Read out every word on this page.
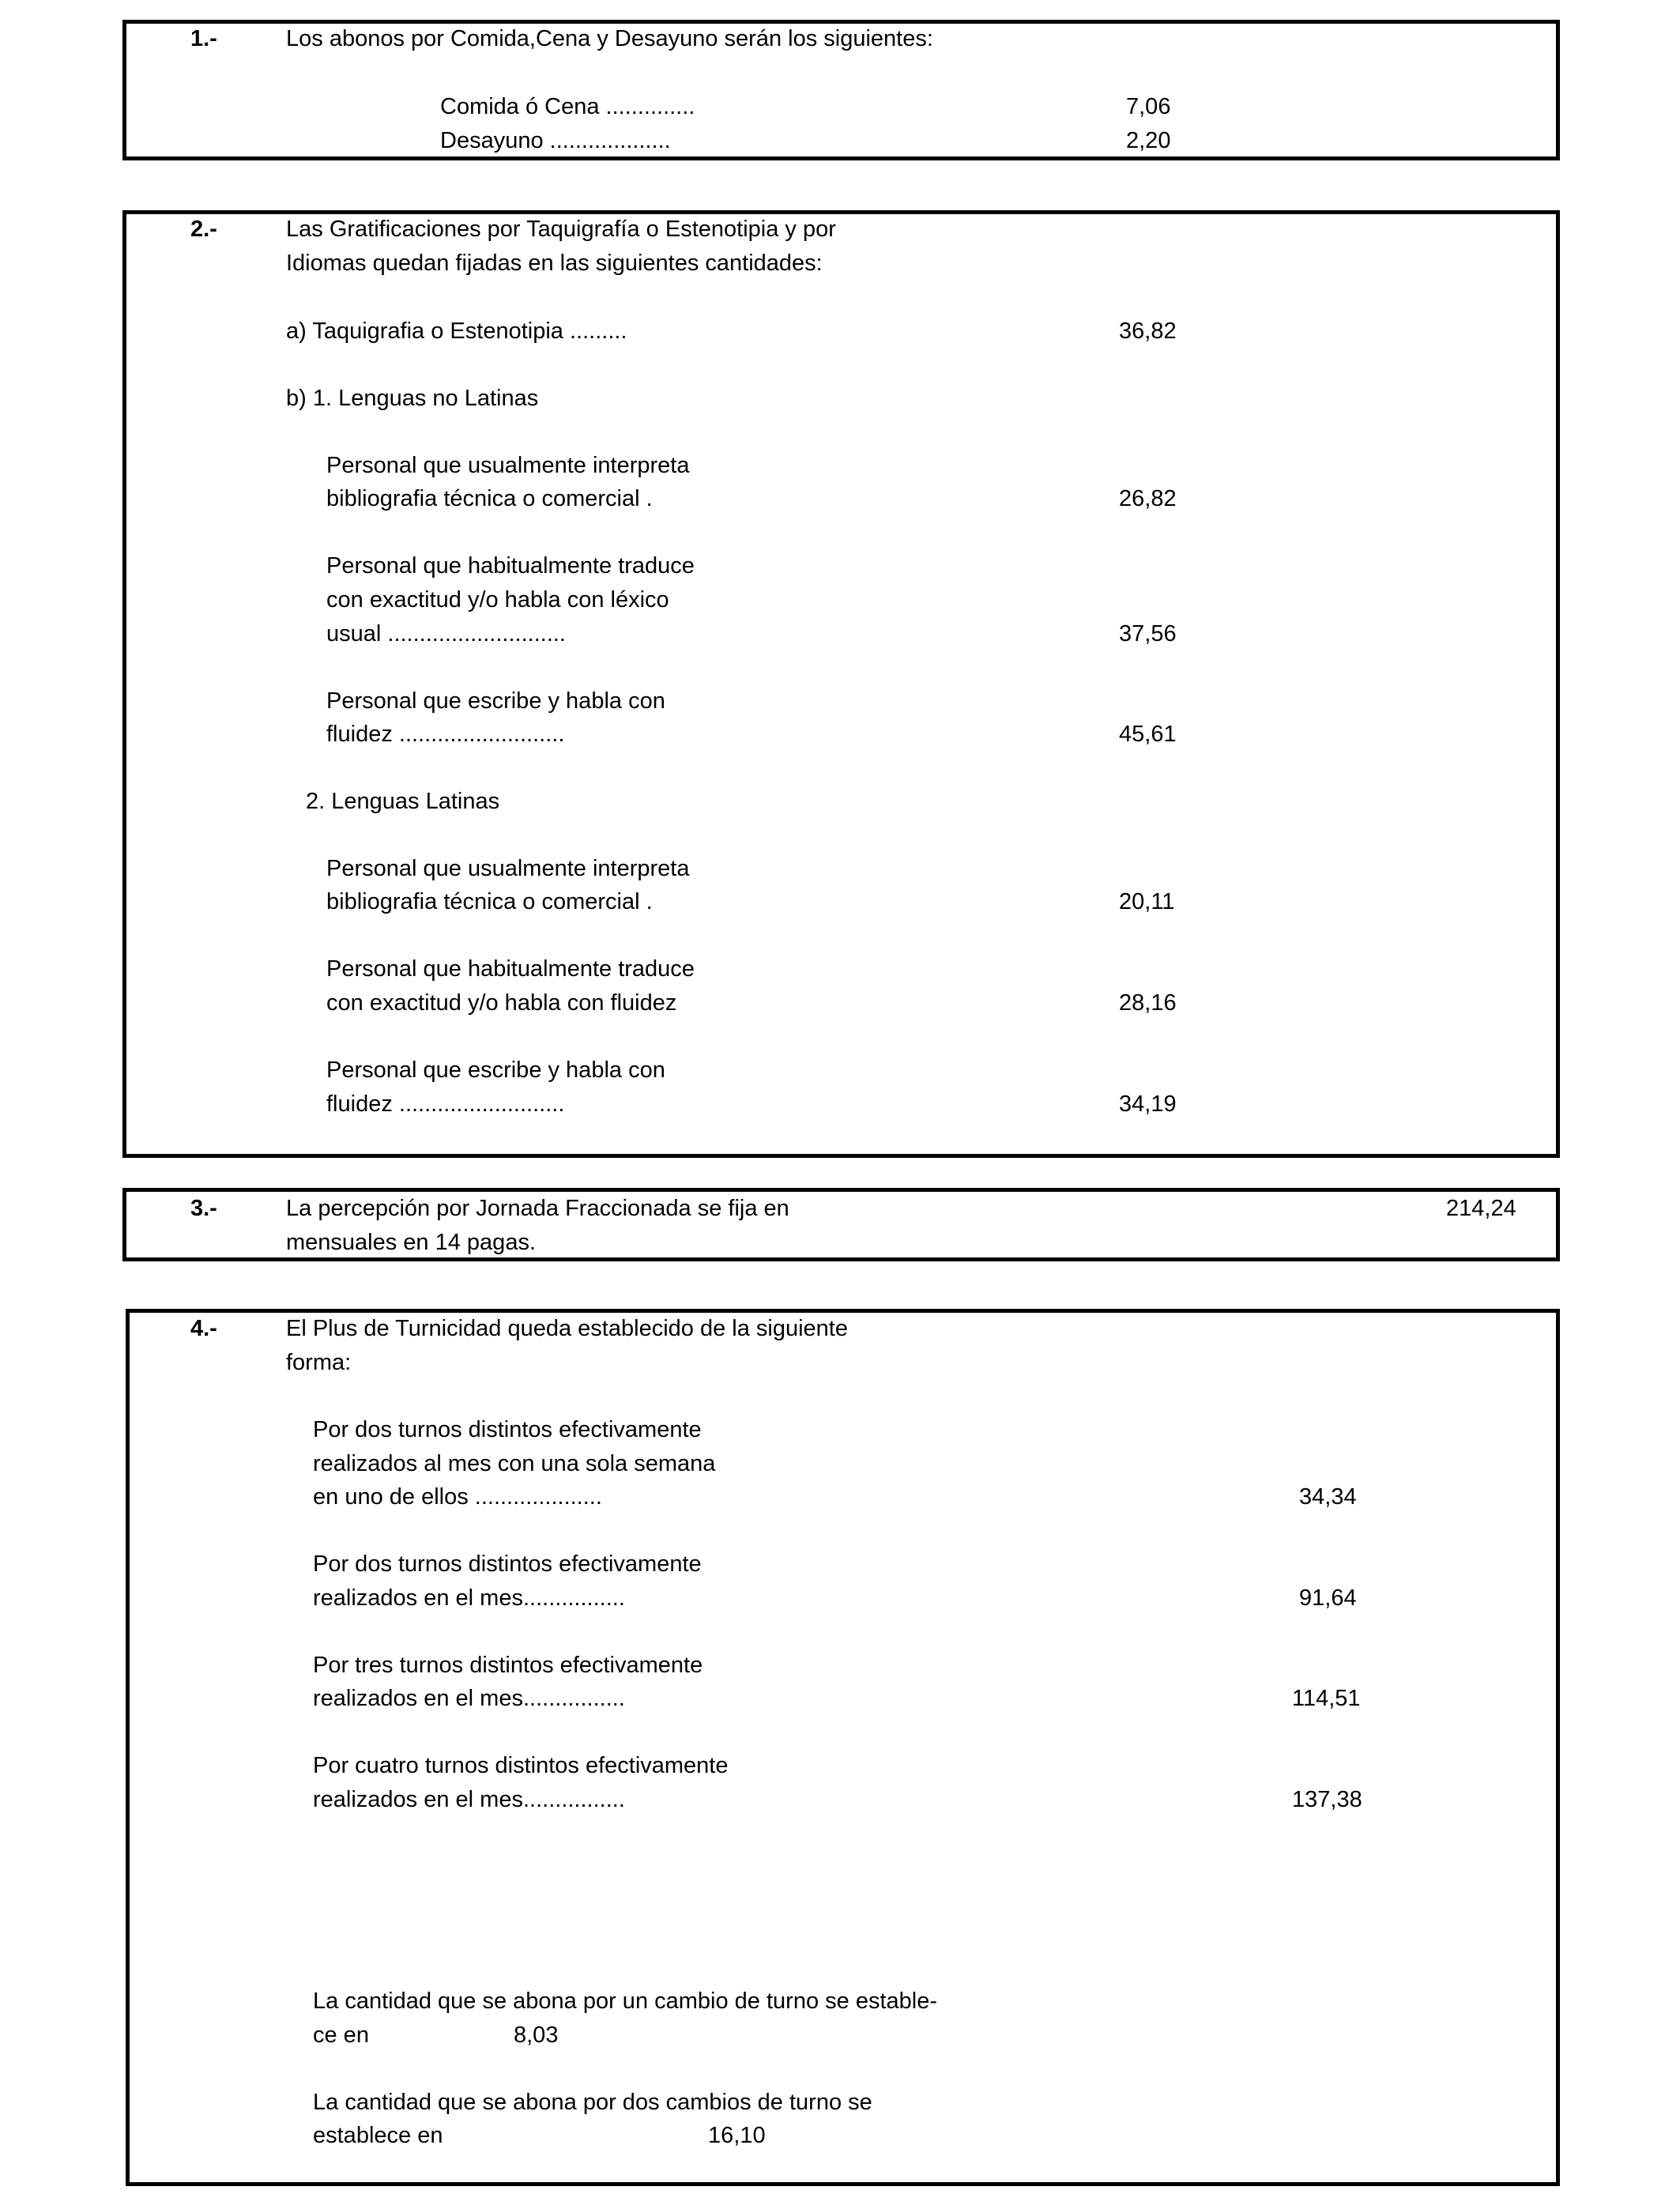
1.-	Los abonos por Comida,Cena y Desayuno serán los siguientes:
Comida ó Cena ..............	7,06
Desayuno ...................	2,20
2.-	Las Gratificaciones por Taquigrafía o Estenotipia y por
Idiomas quedan fijadas en las siguientes cantidades:
a) Taquigrafia o Estenotipia .........	36,82
b) 1. Lenguas no Latinas
Personal que usualmente interpreta
bibliografia técnica o comercial .	26,82
Personal que habitualmente traduce
con exactitud y/o habla con léxico
usual ............................	37,56
Personal que escribe y habla con
fluidez ..........................	45,61
2. Lenguas Latinas
Personal que usualmente interpreta
bibliografia técnica o comercial .	20,11
Personal que habitualmente traduce
con exactitud y/o habla con fluidez	28,16
Personal que escribe y habla con
fluidez ..........................	34,19
3.-	La percepción por Jornada Fraccionada se fija en
mensuales en 14 pagas.
214,24
4.-	El Plus de Turnicidad queda establecido de la siguiente
forma:
Por dos turnos distintos efectivamente
realizados al mes con una sola semana
en uno de ellos ....................	34,34
Por dos turnos distintos efectivamente
realizados en el mes................	91,64
Por tres turnos distintos efectivamente
realizados en el mes................	114,51
Por cuatro turnos distintos efectivamente
realizados en el mes................	137,38
La cantidad que se abona por un cambio de turno se estable-
ce en	8,03
La cantidad que se abona por dos cambios de turno se
establece en	16,10
